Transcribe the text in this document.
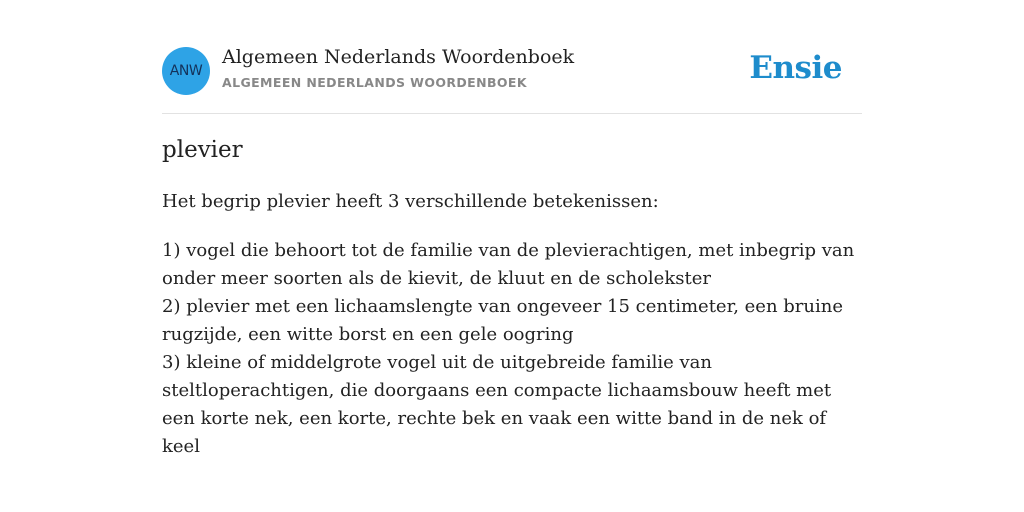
ANW
Algemeen Nederlands Woordenboek
ALGEMEEN NEDERLANDS WOORDENBOEK	Ensie
plevier

Het begrip plevier heeft 3 verschillende betekenissen:

1) vogel die behoort tot de familie van de plevierachtigen, met inbegrip van onder meer soorten als de kievit, de kluut en de scholekster
2) plevier met een lichaamslengte van ongeveer 15 centimeter, een bruine rugzijde, een witte borst en een gele oogring
3) kleine of middelgrote vogel uit de uitgebreide familie van steltloperachtigen, die doorgaans een compacte lichaamsbouw heeft met een korte nek, een korte, rechte bek en vaak een witte band in de nek of keel
